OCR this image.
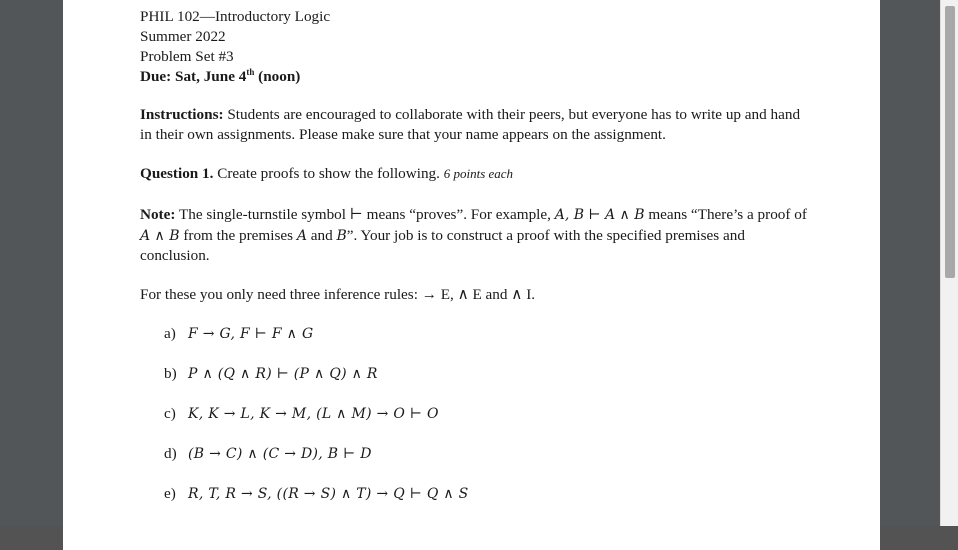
PHIL 102—Introductory Logic
Summer 2022
Problem Set #3
Due: Sat, June 4th (noon)
Instructions: Students are encouraged to collaborate with their peers, but everyone has to write up and hand in their own assignments. Please make sure that your name appears on the assignment.
Question 1. Create proofs to show the following. 6 points each
Note: The single-turnstile symbol ⊢ means “proves”. For example, A, B ⊢ A ∧ B means “There’s a proof of A ∧ B from the premises A and B”. Your job is to construct a proof with the specified premises and conclusion.
For these you only need three inference rules: → E, ∧ E and ∧ I.
a) F → G, F ⊢ F ∧ G
b) P ∧ (Q ∧ R) ⊢ (P ∧ Q) ∧ R
c) K, K → L, K → M, (L ∧ M) → O ⊢ O
d) (B → C) ∧ (C → D), B ⊢ D
e) R, T, R → S, ((R → S) ∧ T) → Q ⊢ Q ∧ S
